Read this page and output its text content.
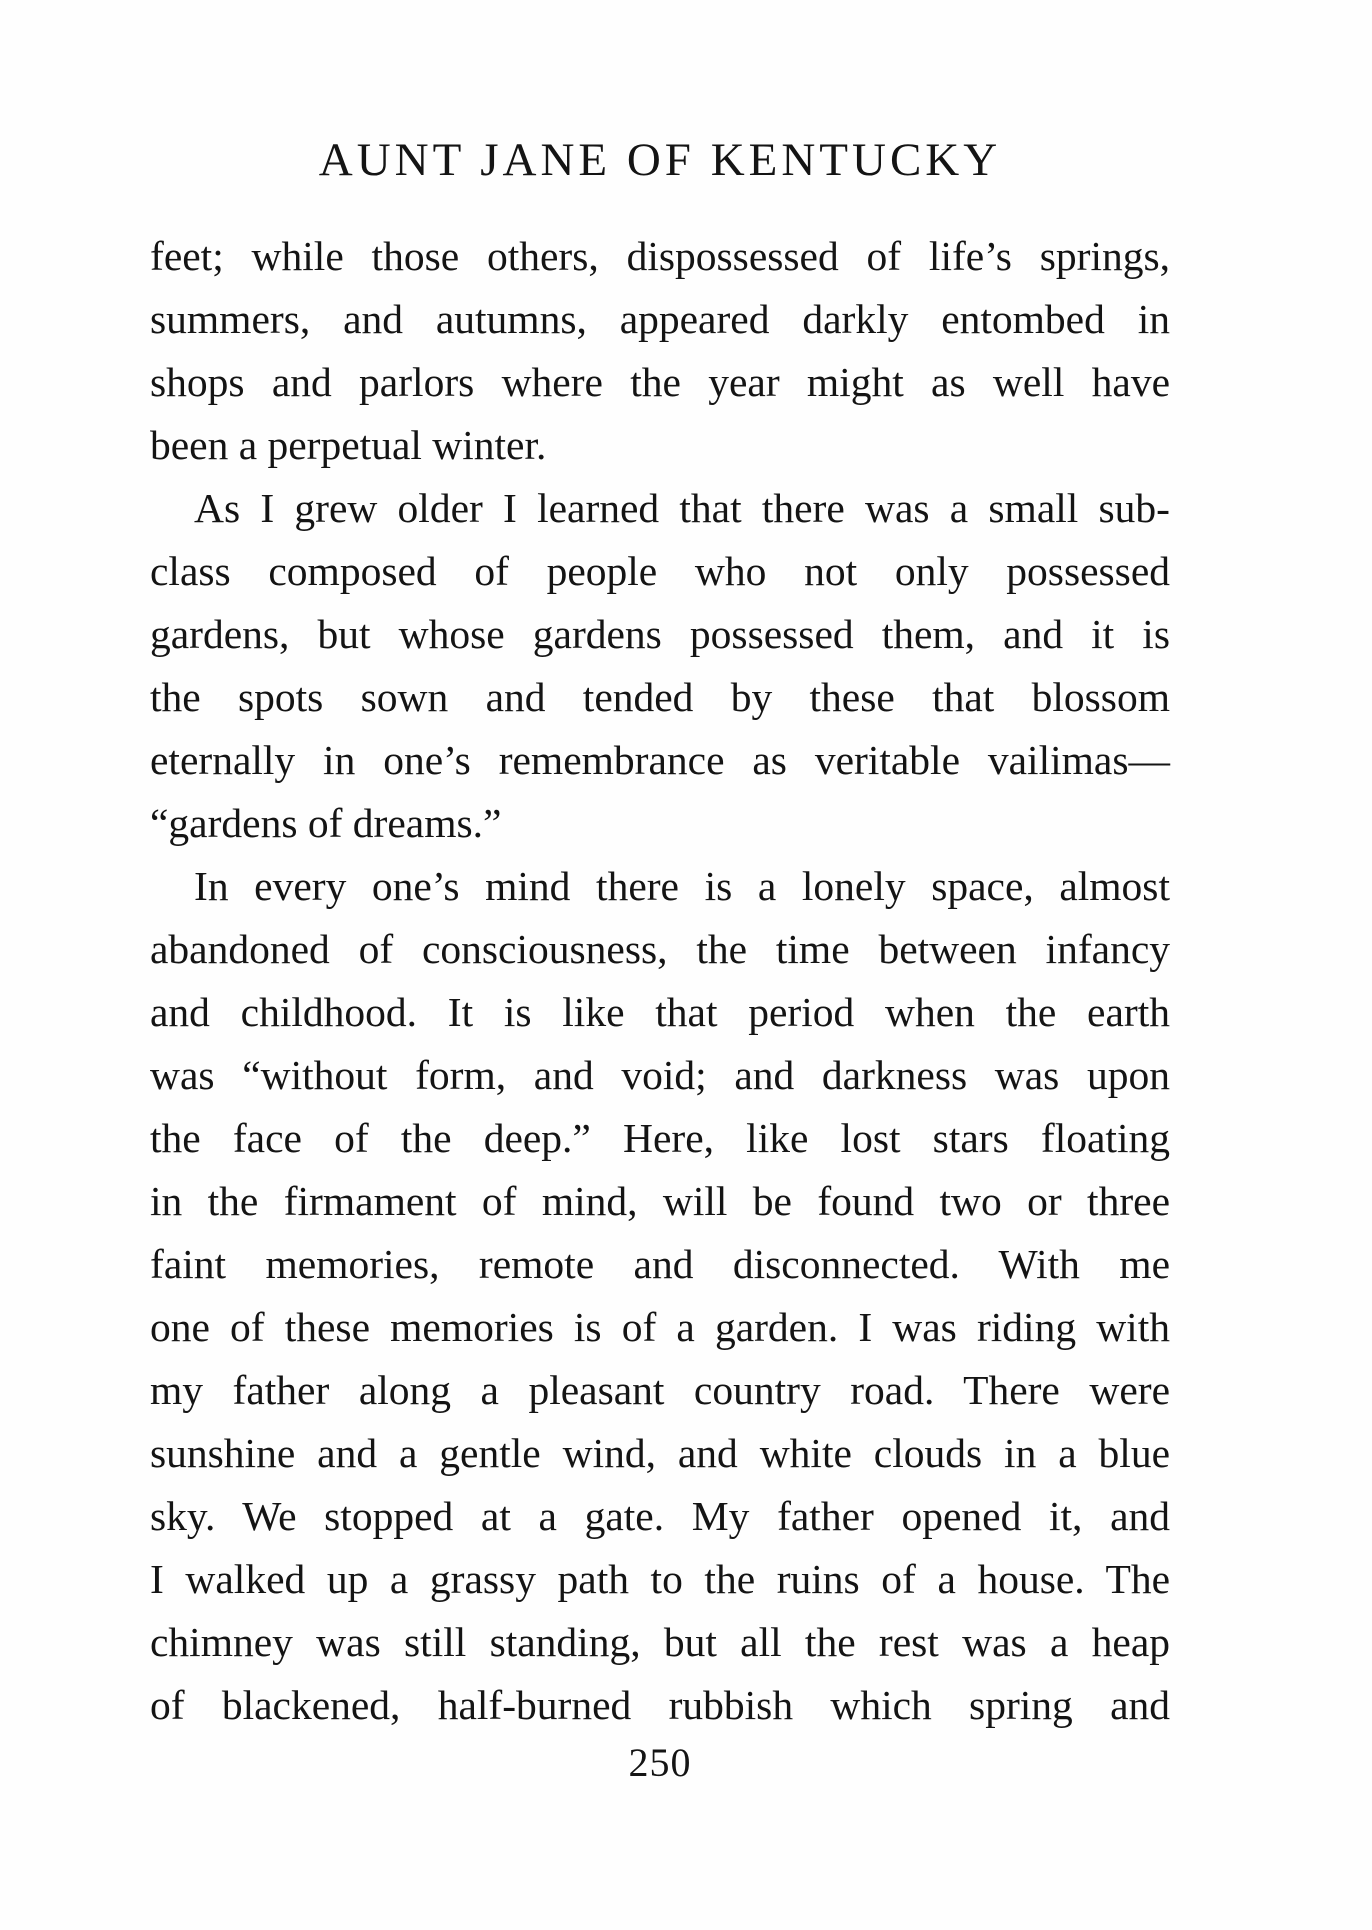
AUNT JANE OF KENTUCKY
feet; while those others, dispossessed of life’s springs,
summers, and autumns, appeared darkly entombed in
shops and parlors where the year might as well have
been a perpetual winter.
As I grew older I learned that there was a small sub-
class composed of people who not only possessed
gardens, but whose gardens possessed them, and it is
the spots sown and tended by these that blossom
eternally in one’s remembrance as veritable vailimas—
“gardens of dreams.”
In every one’s mind there is a lonely space, almost
abandoned of consciousness, the time between infancy
and childhood. It is like that period when the earth
was “without form, and void; and darkness was upon
the face of the deep.” Here, like lost stars floating
in the firmament of mind, will be found two or three
faint memories, remote and disconnected. With me
one of these memories is of a garden. I was riding with
my father along a pleasant country road. There were
sunshine and a gentle wind, and white clouds in a blue
sky. We stopped at a gate. My father opened it, and
I walked up a grassy path to the ruins of a house. The
chimney was still standing, but all the rest was a heap
of blackened, half-burned rubbish which spring and
250
